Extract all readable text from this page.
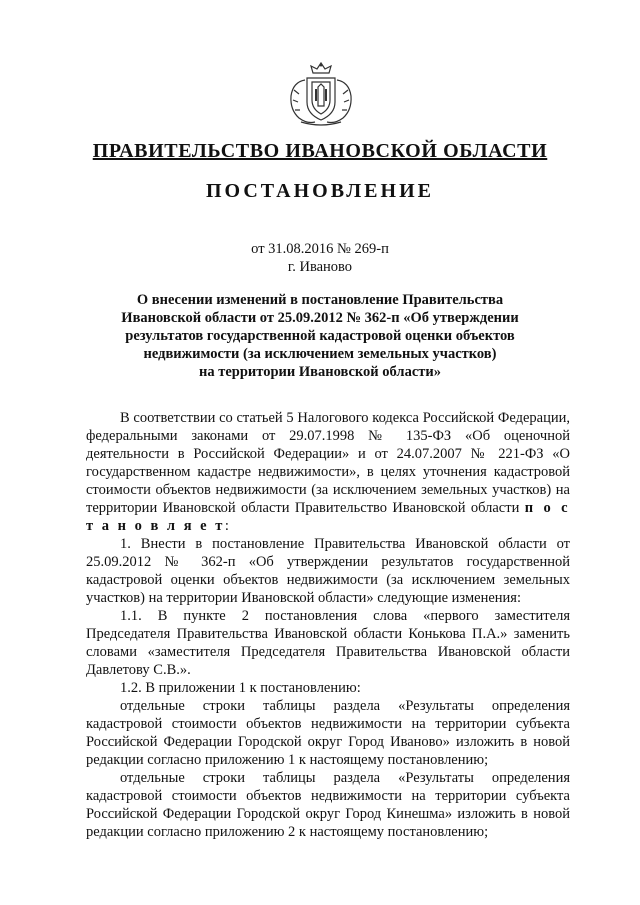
ПРАВИТЕЛЬСТВО ИВАНОВСКОЙ ОБЛАСТИ
ПОСТАНОВЛЕНИЕ
от 31.08.2016 № 269-п
г. Иваново
О внесении изменений в постановление Правительства
Ивановской области от 25.09.2012 № 362-п «Об утверждении
результатов государственной кадастровой оценки объектов
недвижимости (за исключением земельных участков)
на территории Ивановской области»

В соответствии со статьей 5 Налогового кодекса Российской Федерации, федеральными законами от 29.07.1998 № 135-ФЗ «Об оценочной деятельности в Российской Федерации» и от 24.07.2007 № 221-ФЗ «О государственном кадастре недвижимости», в целях уточнения кадастровой стоимости объектов недвижимости (за исключением земельных участков) на территории Ивановской области Правительство Ивановской области п о с т а н о в л я е т:

1. Внести в постановление Правительства Ивановской области от 25.09.2012 № 362-п «Об утверждении результатов государственной кадастровой оценки объектов недвижимости (за исключением земельных участков) на территории Ивановской области» следующие изменения:

1.1. В пункте 2 постановления слова «первого заместителя Председателя Правительства Ивановской области Конькова П.А.» заменить словами «заместителя Председателя Правительства Ивановской области Давлетову С.В.».

1.2. В приложении 1 к постановлению:

отдельные строки таблицы раздела «Результаты определения кадастровой стоимости объектов недвижимости на территории субъекта Российской Федерации Городской округ Город Иваново» изложить в новой редакции согласно приложению 1 к настоящему постановлению;

отдельные строки таблицы раздела «Результаты определения кадастровой стоимости объектов недвижимости на территории субъекта Российской Федерации Городской округ Город Кинешма» изложить в новой редакции согласно приложению 2 к настоящему постановлению;
